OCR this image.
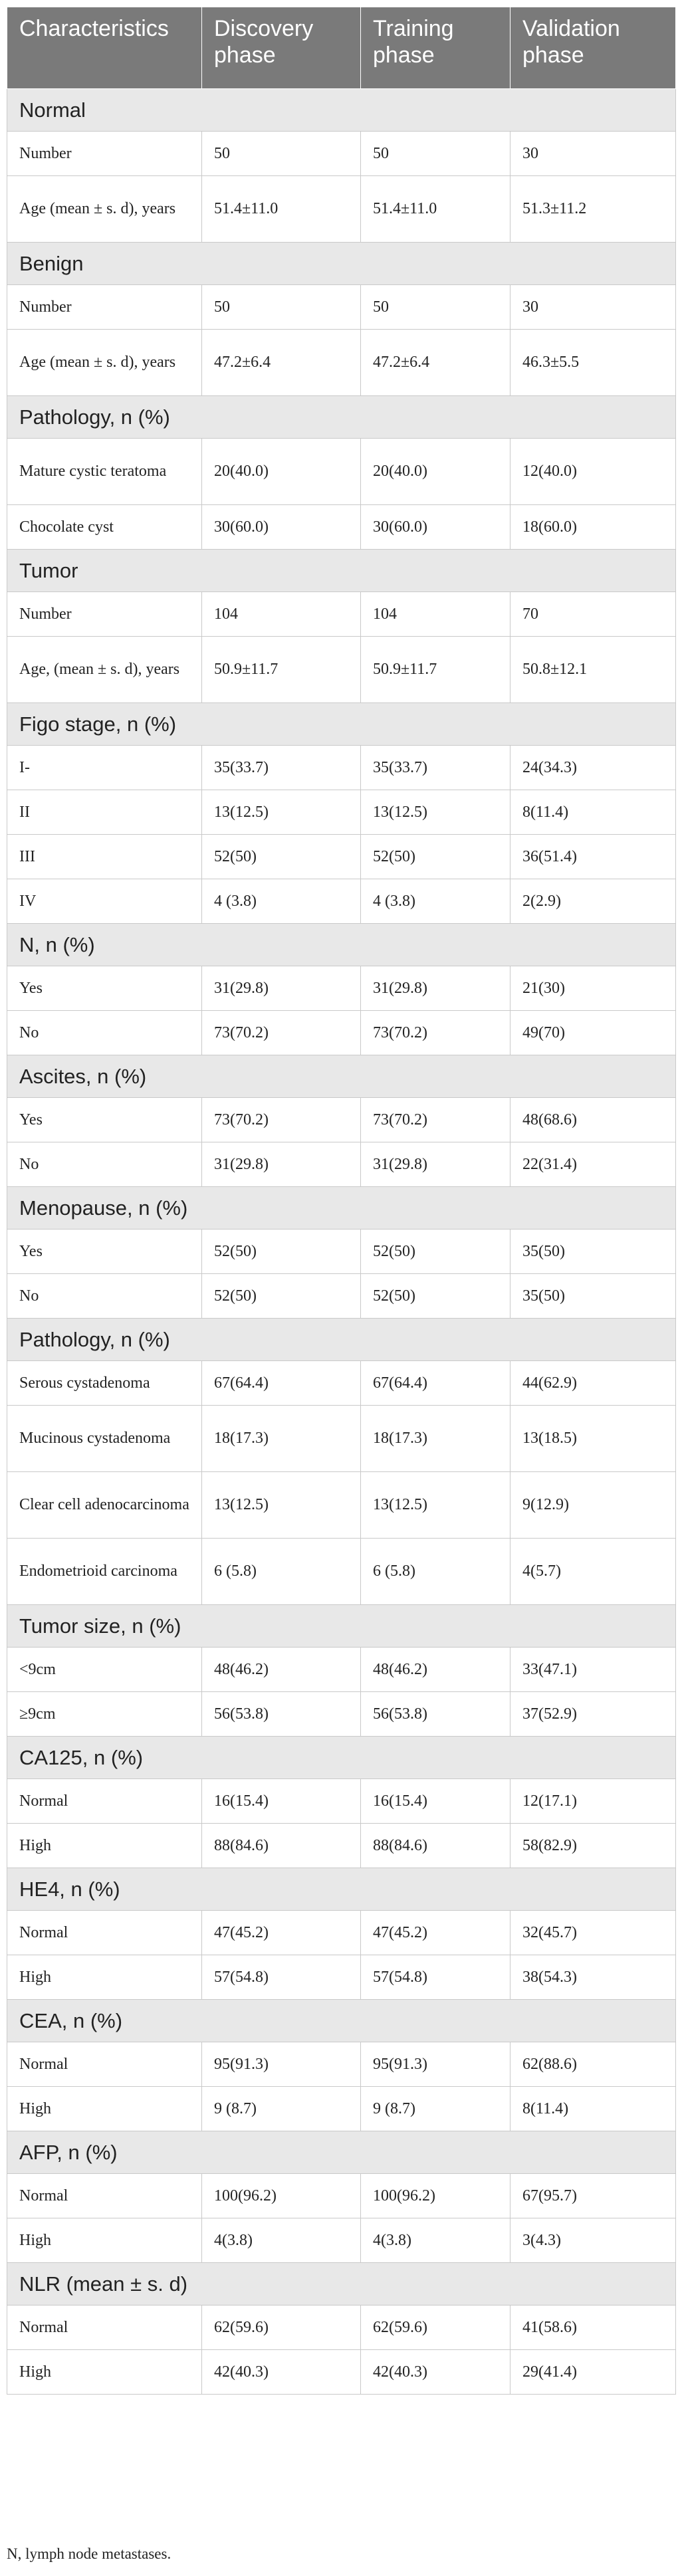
Characteristics	Discovery phase	Training phase	Validation phase
Normal			
Number	50	50	30
Age (mean ± s. d), years	51.4±11.0	51.4±11.0	51.3±11.2
Benign			
Number	50	50	30
Age (mean ± s. d), years	47.2±6.4	47.2±6.4	46.3±5.5
Pathology, n (%)			
Mature cystic teratoma	20(40.0)	20(40.0)	12(40.0)
Chocolate cyst	30(60.0)	30(60.0)	18(60.0)
Tumor			
Number	104	104	70
Age, (mean ± s. d), years	50.9±11.7	50.9±11.7	50.8±12.1
Figo stage, n (%)			
I-	35(33.7)	35(33.7)	24(34.3)
II	13(12.5)	13(12.5)	8(11.4)
III	52(50)	52(50)	36(51.4)
IV	4 (3.8)	4 (3.8)	2(2.9)
N, n (%)			
Yes	31(29.8)	31(29.8)	21(30)
No	73(70.2)	73(70.2)	49(70)
Ascites, n (%)			
Yes	73(70.2)	73(70.2)	48(68.6)
No	31(29.8)	31(29.8)	22(31.4)
Menopause, n (%)			
Yes	52(50)	52(50)	35(50)
No	52(50)	52(50)	35(50)
Pathology, n (%)			
Serous cystadenoma	67(64.4)	67(64.4)	44(62.9)
Mucinous cystadenoma	18(17.3)	18(17.3)	13(18.5)
Clear cell adenocarcinoma	13(12.5)	13(12.5)	9(12.9)
Endometrioid carcinoma	6 (5.8)	6 (5.8)	4(5.7)
Tumor size, n (%)			
<9cm	48(46.2)	48(46.2)	33(47.1)
≥9cm	56(53.8)	56(53.8)	37(52.9)
CA125, n (%)			
Normal	16(15.4)	16(15.4)	12(17.1)
High	88(84.6)	88(84.6)	58(82.9)
HE4, n (%)			
Normal	47(45.2)	47(45.2)	32(45.7)
High	57(54.8)	57(54.8)	38(54.3)
CEA, n (%)			
Normal	95(91.3)	95(91.3)	62(88.6)
High	9 (8.7)	9 (8.7)	8(11.4)
AFP, n (%)			
Normal	100(96.2)	100(96.2)	67(95.7)
High	4(3.8)	4(3.8)	3(4.3)
NLR (mean ± s. d)			
Normal	62(59.6)	62(59.6)	41(58.6)
High	42(40.3)	42(40.3)	29(41.4)
N, lymph node metastases.
